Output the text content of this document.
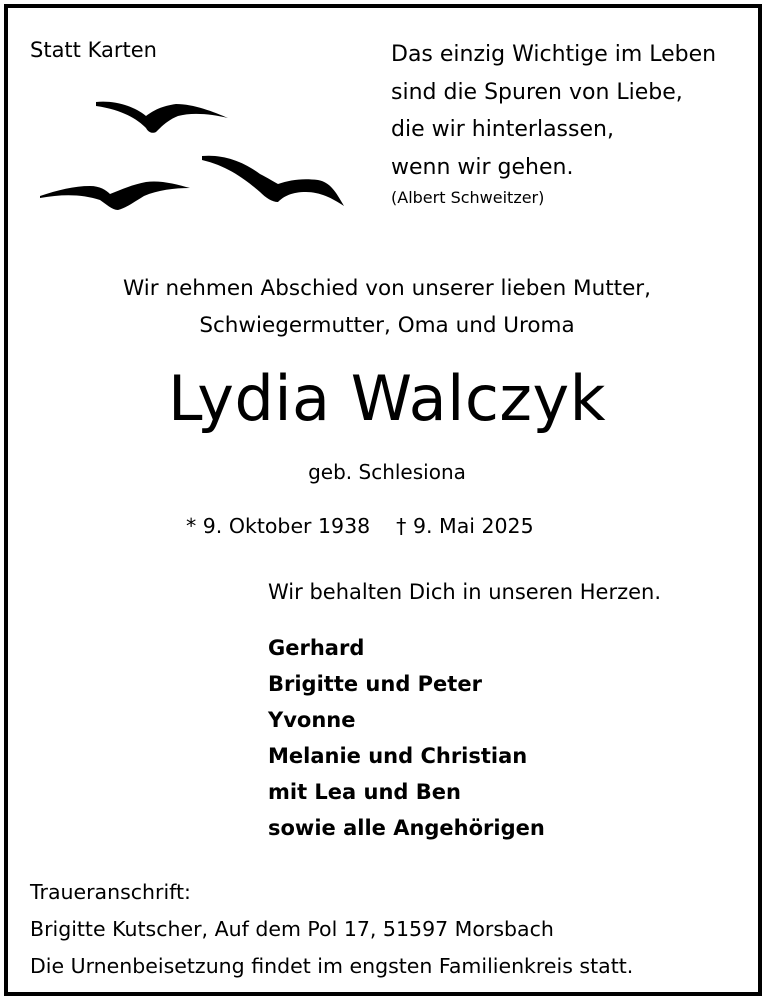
Statt Karten	Das einzig Wichtige im Leben
sind die Spuren von Liebe,
die wir hinterlassen,
wenn wir gehen.
(Albert Schweitzer)
Wir nehmen Abschied von unserer lieben Mutter,
Schwiegermutter, Oma und Uroma
Lydia Walczyk
geb. Schlesiona
* 9. Oktober 1938 † 9. Mai 2025
Wir behalten Dich in unseren Herzen.
Gerhard
Brigitte und Peter
Yvonne
Melanie und Christian
mit Lea und Ben
sowie alle Angehörigen
Traueranschrift:
Brigitte Kutscher, Auf dem Pol 17, 51597 Morsbach
Die Urnenbeisetzung findet im engsten Familienkreis statt.
